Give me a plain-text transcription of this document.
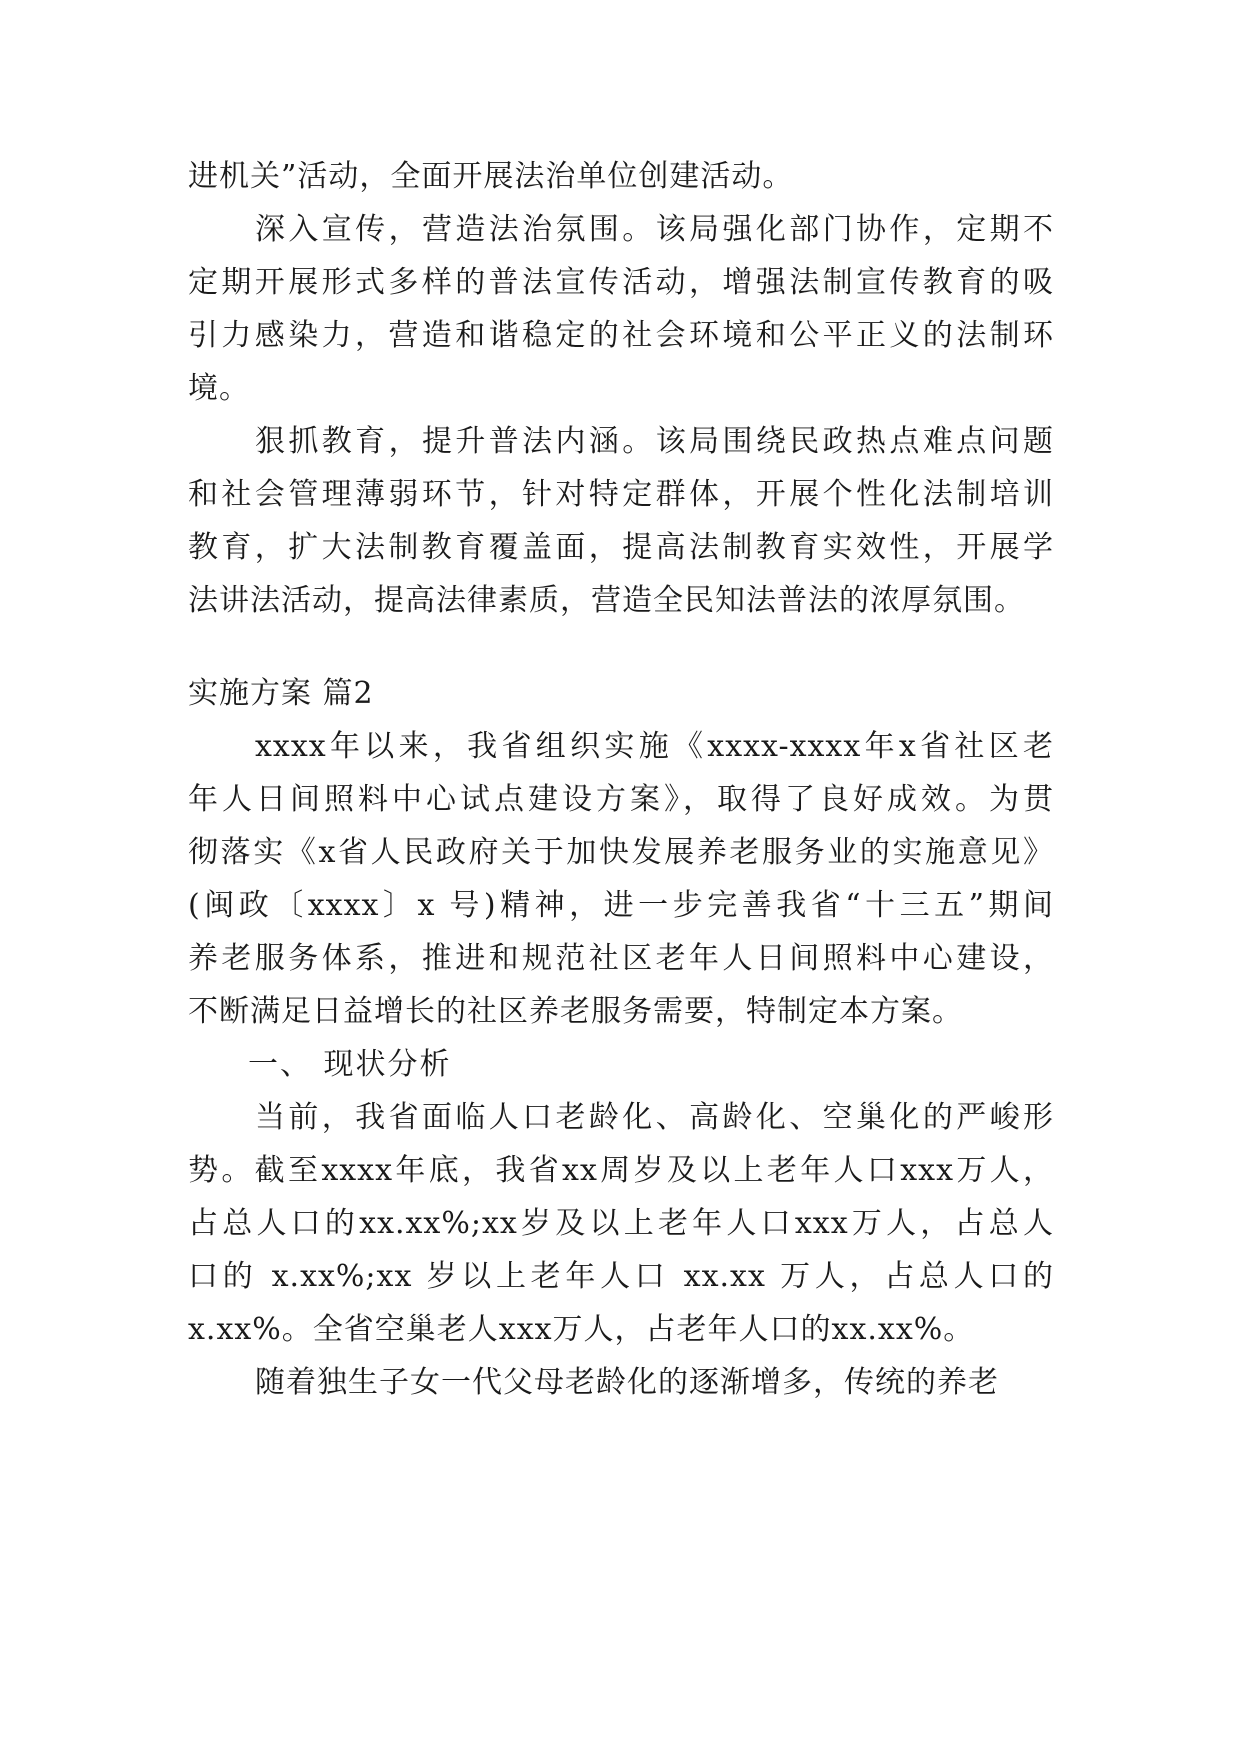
进机关”活动，全面开展法治单位创建活动。
深入宣传，营造法治氛围。该局强化部门协作，定期不
定期开展形式多样的普法宣传活动，增强法制宣传教育的吸
引力感染力，营造和谐稳定的社会环境和公平正义的法制环
境。
狠抓教育，提升普法内涵。该局围绕民政热点难点问题
和社会管理薄弱环节，针对特定群体，开展个性化法制培训
教育，扩大法制教育覆盖面，提高法制教育实效性，开展学
法讲法活动，提高法律素质，营造全民知法普法的浓厚氛围。
实施方案 篇2
xxxx年以来，我省组织实施《xxxx-xxxx年x省社区老
年人日间照料中心试点建设方案》，取得了良好成效。为贯
彻落实《x省人民政府关于加快发展养老服务业的实施意见》
(闽政〔xxxx〕x 号)精神，进一步完善我省“十三五”期间
养老服务体系，推进和规范社区老年人日间照料中心建设，
不断满足日益增长的社区养老服务需要，特制定本方案。
一、 现状分析
当前，我省面临人口老龄化、高龄化、空巢化的严峻形
势。截至xxxx年底，我省xx周岁及以上老年人口xxx万人，
占总人口的xx.xx%;xx岁及以上老年人口xxx万人，占总人
口的 x.xx%;xx 岁以上老年人口 xx.xx 万人，占总人口的
x.xx%。全省空巢老人xxx万人，占老年人口的xx.xx%。
随着独生子女一代父母老龄化的逐渐增多，传统的养老
